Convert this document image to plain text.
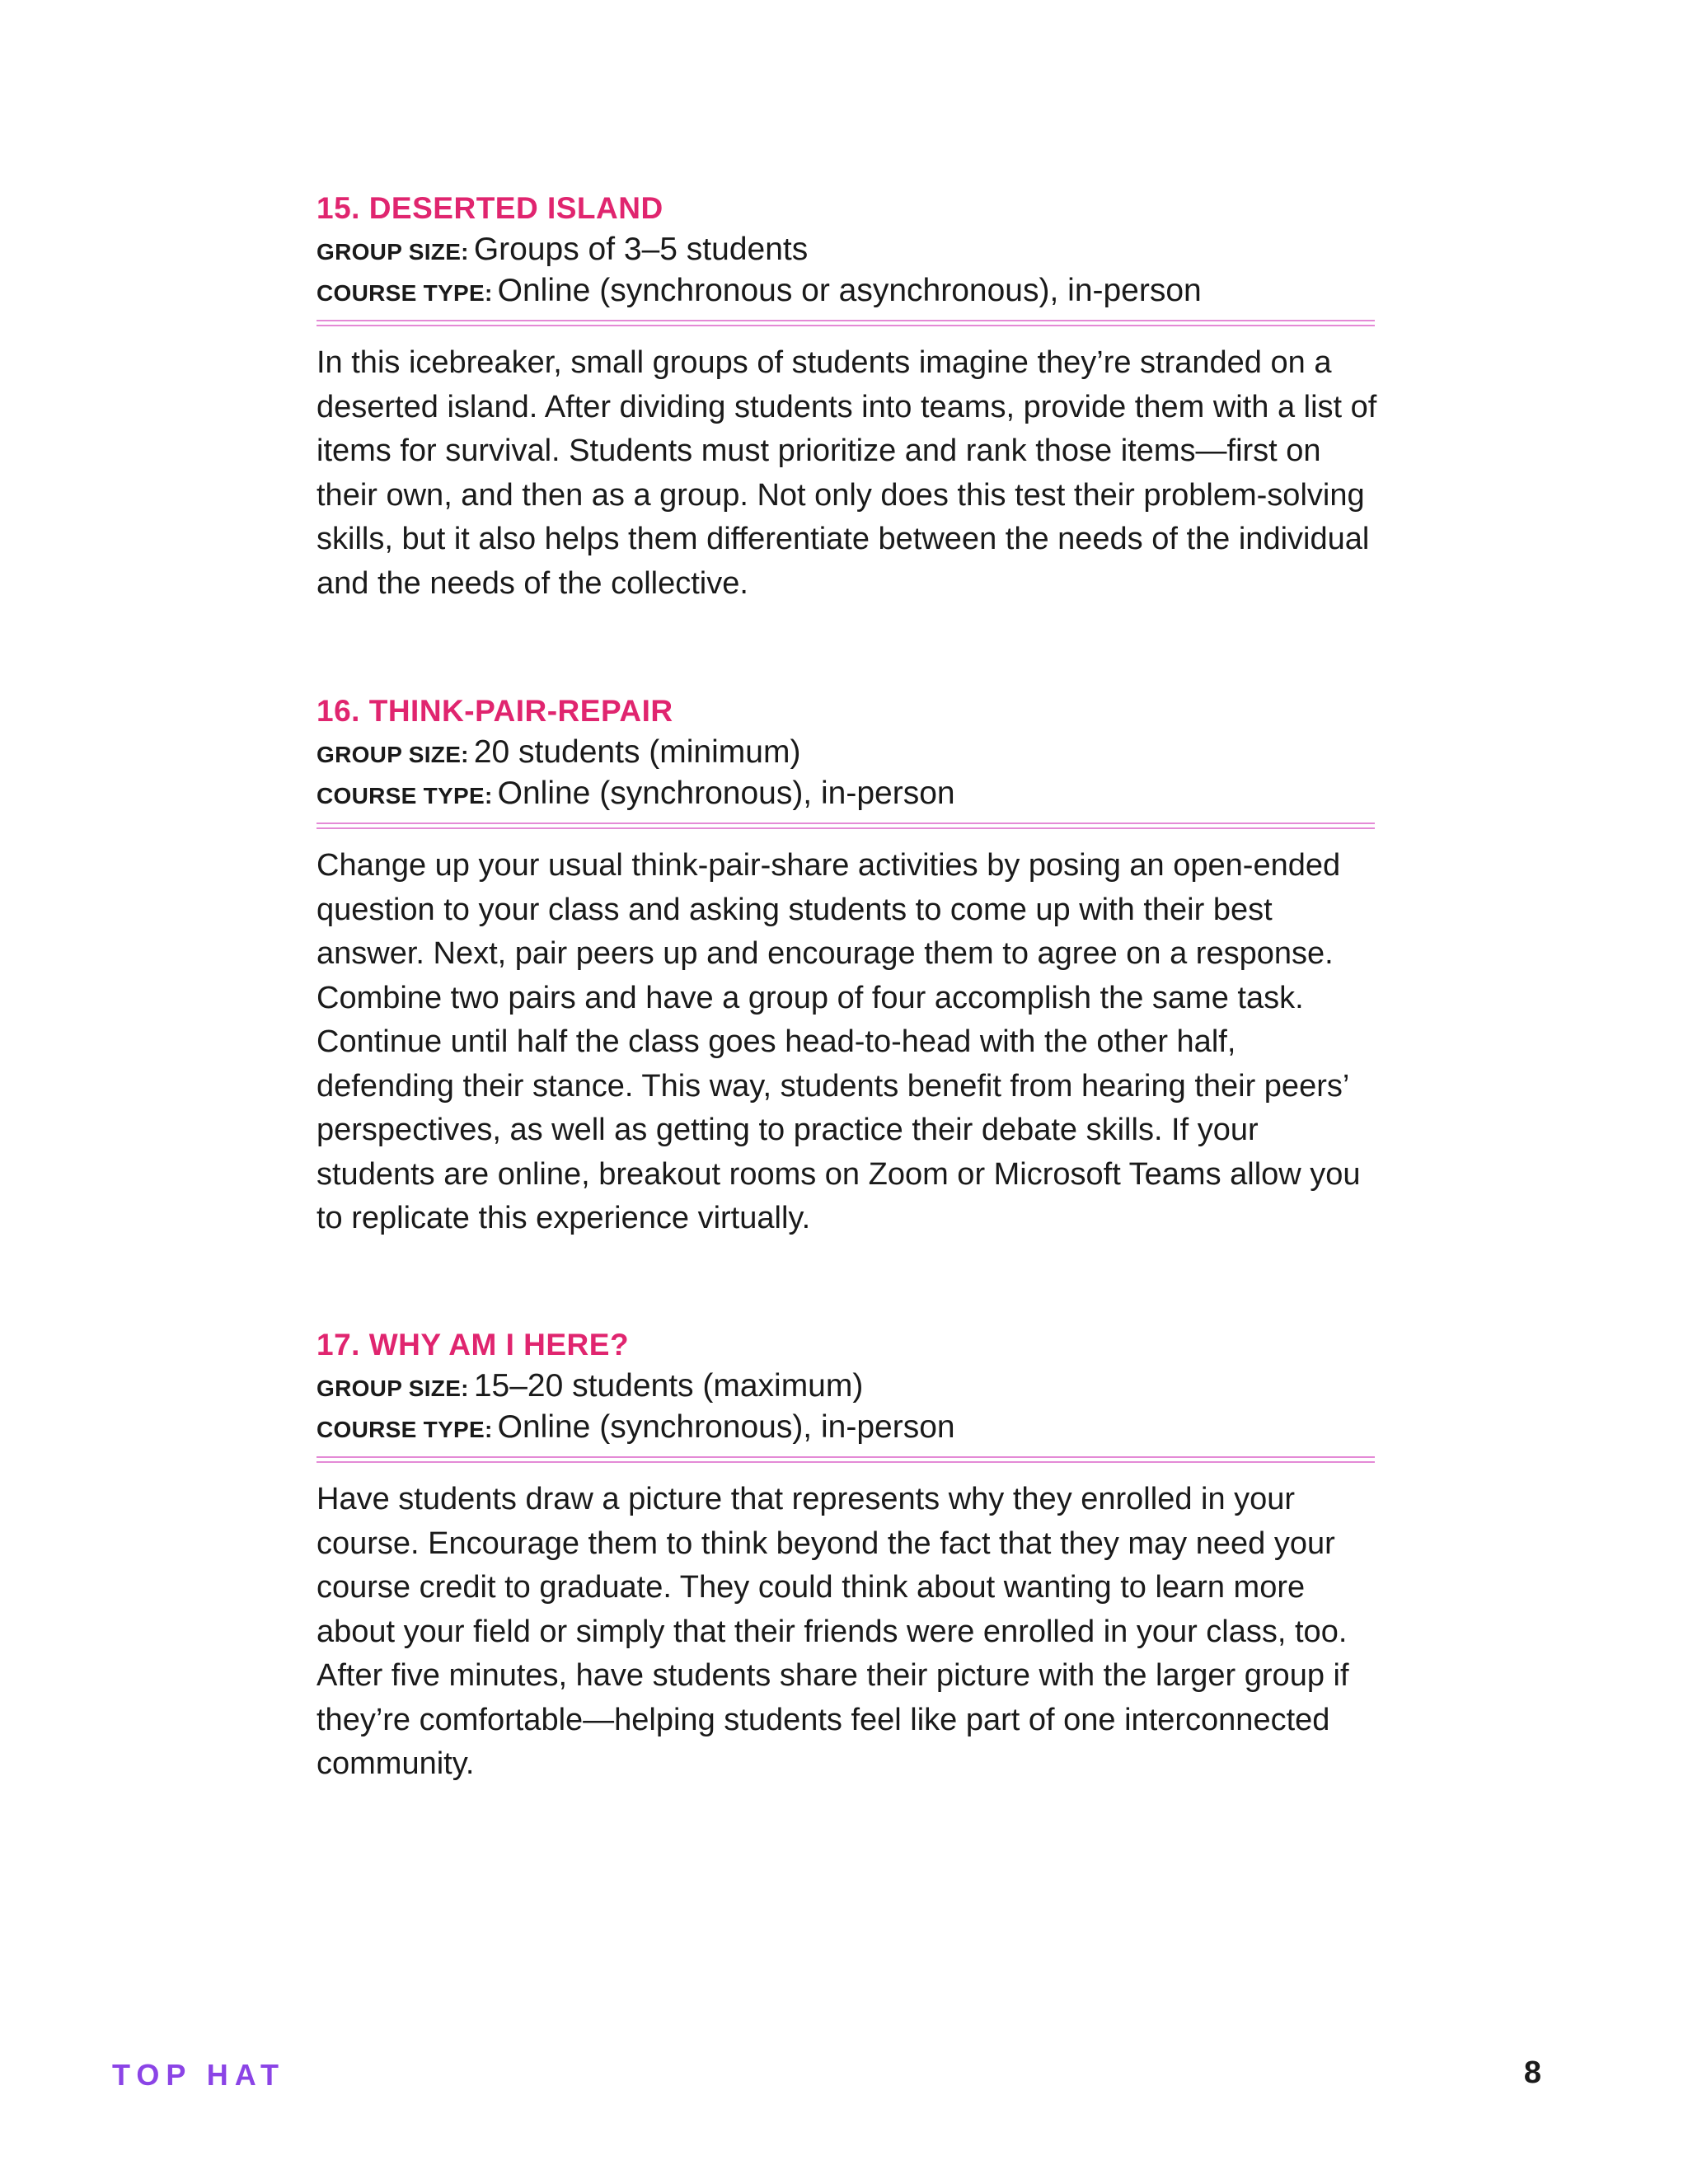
15. DESERTED ISLAND
GROUP SIZE: Groups of 3–5 students
COURSE TYPE: Online (synchronous or asynchronous), in-person

In this icebreaker, small groups of students imagine they’re stranded on a deserted island. After dividing students into teams, provide them with a list of items for survival. Students must prioritize and rank those items—first on their own, and then as a group. Not only does this test their problem-solving skills, but it also helps them differentiate between the needs of the individual and the needs of the collective.

16. THINK-PAIR-REPAIR
GROUP SIZE: 20 students (minimum)
COURSE TYPE: Online (synchronous), in-person

Change up your usual think-pair-share activities by posing an open-ended question to your class and asking students to come up with their best answer. Next, pair peers up and encourage them to agree on a response. Combine two pairs and have a group of four accomplish the same task. Continue until half the class goes head-to-head with the other half, defending their stance. This way, students benefit from hearing their peers’ perspectives, as well as getting to practice their debate skills. If your students are online, breakout rooms on Zoom or Microsoft Teams allow you to replicate this experience virtually.

17. WHY AM I HERE?
GROUP SIZE: 15–20 students (maximum)
COURSE TYPE: Online (synchronous), in-person

Have students draw a picture that represents why they enrolled in your course. Encourage them to think beyond the fact that they may need your course credit to graduate. They could think about wanting to learn more about your field or simply that their friends were enrolled in your class, too. After five minutes, have students share their picture with the larger group if they’re comfortable—helping students feel like part of one interconnected community.

TOP HAT	8
